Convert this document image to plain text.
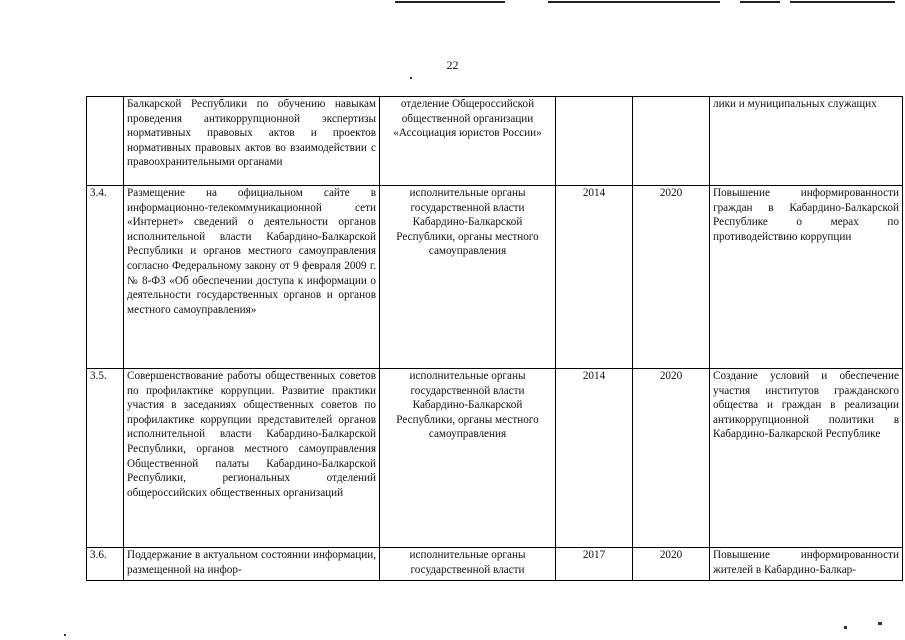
22
	Балкарской Республики по обучению навыкам проведения антикоррупционной экспертизы нормативных правовых актов и проектов нормативных правовых актов во взаимодействии с правоохранительными органами	отделение Общероссийской общественной организации «Ассоциация юристов России»			лики и муниципальных служащих
3.4.	Размещение на официальном сайте в информационно-телекоммуникационной сети «Интернет» сведений о деятельности органов исполнительной власти Кабардино-Балкарской Республики и органов местного самоуправления согласно Федеральному закону от 9 февраля 2009 г. № 8-ФЗ «Об обеспечении доступа к информации о деятельности государственных органов и органов местного самоуправления»	исполнительные органы государственной власти Кабардино-Балкарской Республики, органы местного самоуправления	2014	2020	Повышение информированности граждан в Кабардино-Балкарской Республике о мерах по противодействию коррупции
3.5.	Совершенствование работы общественных советов по профилактике коррупции. Развитие практики участия в заседаниях общественных советов по профилактике коррупции представителей органов исполнительной власти Кабардино-Балкарской Республики, органов местного самоуправления Общественной палаты Кабардино-Балкарской Республики, региональных отделений общероссийских общественных организаций	исполнительные органы государственной власти Кабардино-Балкарской Республики, органы местного самоуправления	2014	2020	Создание условий и обеспечение участия институтов гражданского общества и граждан в реализации антикоррупционной политики в Кабардино-Балкарской Республике
3.6.	Поддержание в актуальном состоянии информации, размещенной на инфор-	исполнительные органы государственной власти	2017	2020	Повышение информированности жителей в Кабардино-Балкар-
